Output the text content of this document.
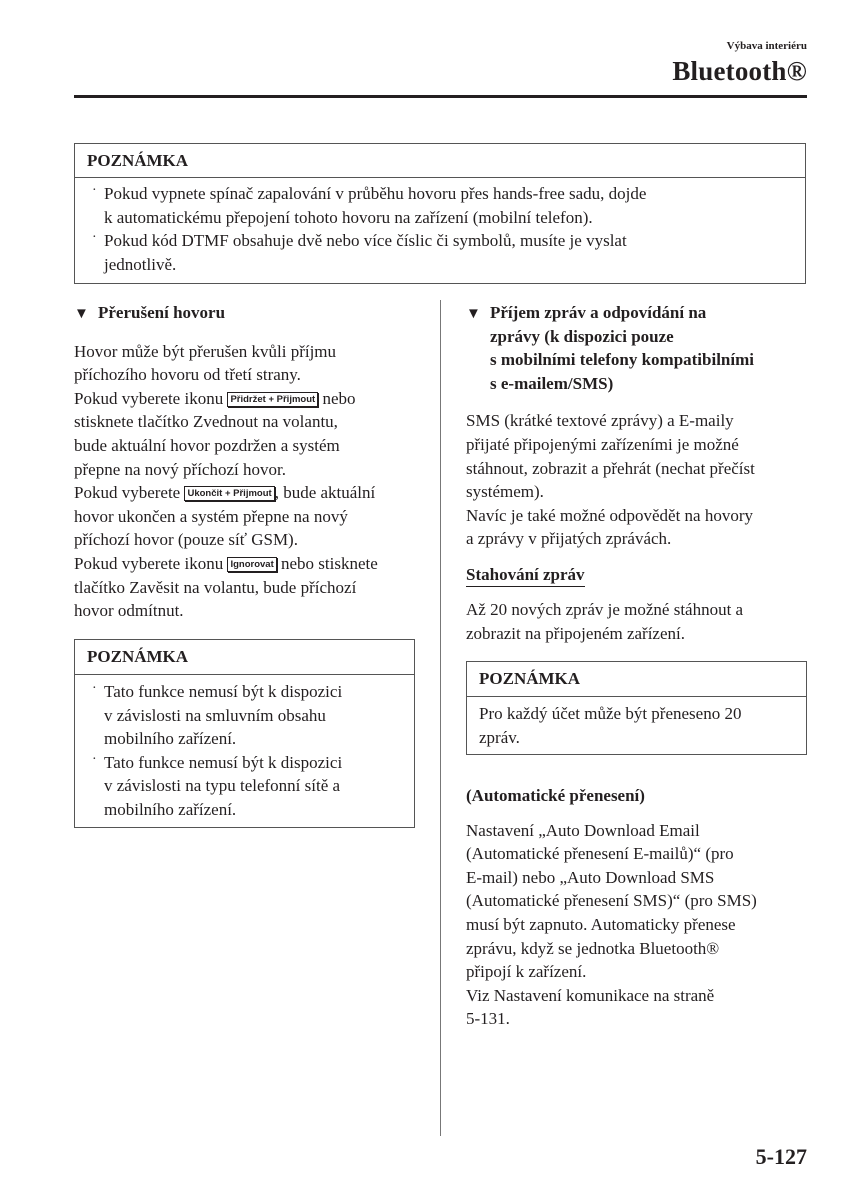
Výbava interiéru
Bluetooth®
POZNÁMKA
· Pokud vypnete spínač zapalování v průběhu hovoru přes hands-free sadu, dojde
k automatickému přepojení tohoto hovoru na zařízení (mobilní telefon).
· Pokud kód DTMF obsahuje dvě nebo více číslic či symbolů, musíte je vyslat
jednotlivě.
▼ Přerušení hovoru
Hovor může být přerušen kvůli příjmu
příchozího hovoru od třetí strany.
Pokud vyberete ikonu Přidržet + Přijmout nebo
stisknete tlačítko Zvednout na volantu,
bude aktuální hovor pozdržen a systém
přepne na nový příchozí hovor.
Pokud vyberete Ukončit + Přijmout , bude aktuální
hovor ukončen a systém přepne na nový
příchozí hovor (pouze síť GSM).
Pokud vyberete ikonu Ignorovat nebo stisknete
tlačítko Zavěsit na volantu, bude příchozí
hovor odmítnut.
POZNÁMKA
· Tato funkce nemusí být k dispozici
v závislosti na smluvním obsahu
mobilního zařízení.
· Tato funkce nemusí být k dispozici
v závislosti na typu telefonní sítě a
mobilního zařízení.
▼ Příjem zpráv a odpovídání na
zprávy (k dispozici pouze
s mobilními telefony kompatibilními
s e-mailem/SMS)
SMS (krátké textové zprávy) a E-maily
přijaté připojenými zařízeními je možné
stáhnout, zobrazit a přehrát (nechat přečíst
systémem).
Navíc je také možné odpovědět na hovory
a zprávy v přijatých zprávách.
Stahování zpráv
Až 20 nových zpráv je možné stáhnout a
zobrazit na připojeném zařízení.
POZNÁMKA
Pro každý účet může být přeneseno 20
zpráv.
(Automatické přenesení)
Nastavení „Auto Download Email
(Automatické přenesení E-mailů)“ (pro
E-mail) nebo „Auto Download SMS
(Automatické přenesení SMS)“ (pro SMS)
musí být zapnuto. Automaticky přenese
zprávu, když se jednotka Bluetooth®
připojí k zařízení.
Viz Nastavení komunikace na straně
5-131.
5-127
